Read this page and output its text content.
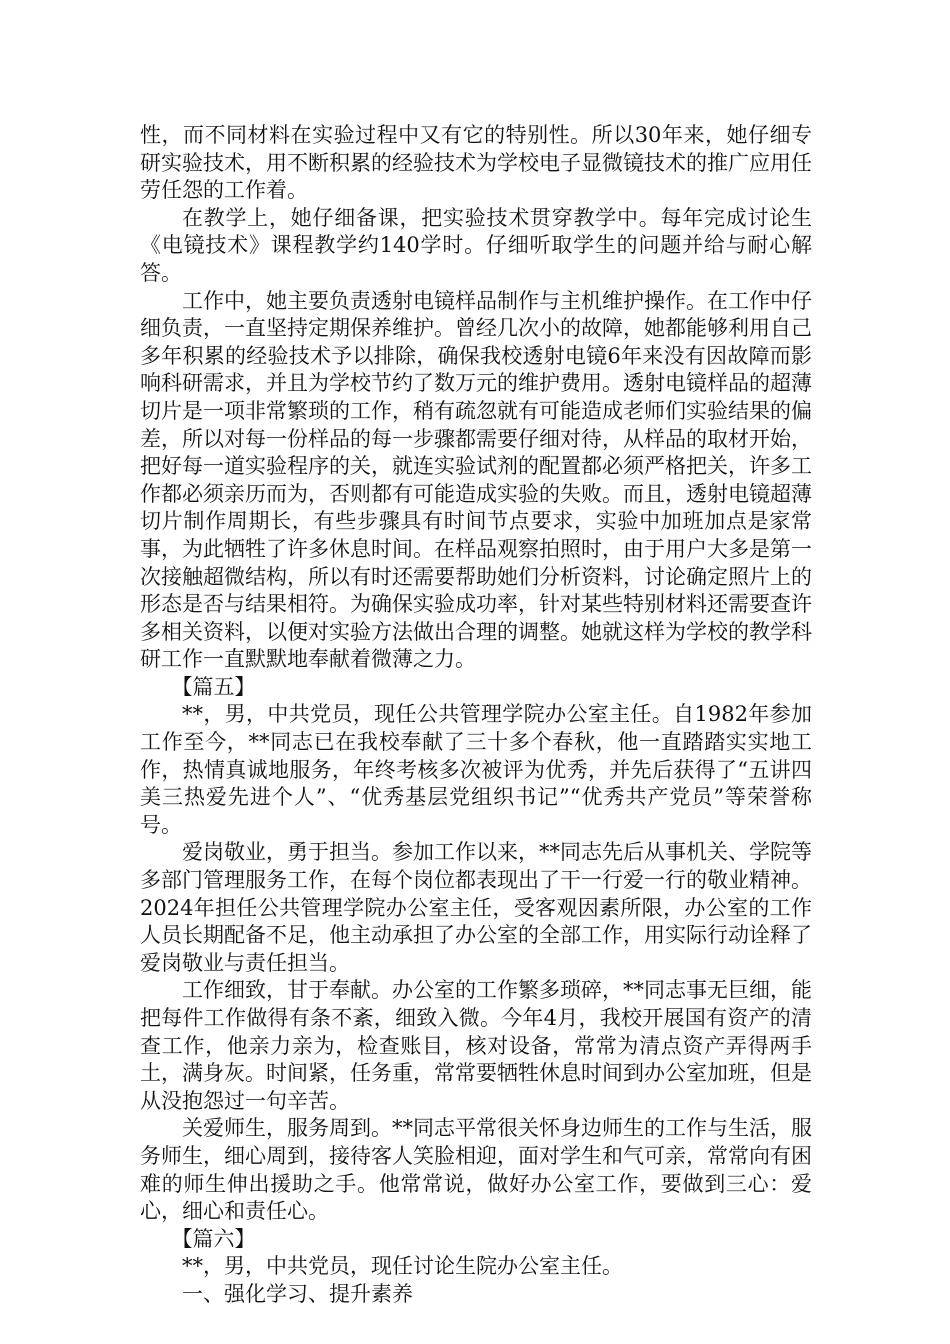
性，而不同材料在实验过程中又有它的特别性。所以30年来，她仔细专研实验技术，用不断积累的经验技术为学校电子显微镜技术的推广应用任劳任怨的工作着。

在教学上，她仔细备课，把实验技术贯穿教学中。每年完成讨论生《电镜技术》课程教学约140学时。仔细听取学生的问题并给与耐心解答。

工作中，她主要负责透射电镜样品制作与主机维护操作。在工作中仔细负责，一直坚持定期保养维护。曾经几次小的故障，她都能够利用自己多年积累的经验技术予以排除，确保我校透射电镜6年来没有因故障而影响科研需求，并且为学校节约了数万元的维护费用。透射电镜样品的超薄切片是一项非常繁琐的工作，稍有疏忽就有可能造成老师们实验结果的偏差，所以对每一份样品的每一步骤都需要仔细对待，从样品的取材开始，把好每一道实验程序的关，就连实验试剂的配置都必须严格把关，许多工作都必须亲历而为，否则都有可能造成实验的失败。而且，透射电镜超薄切片制作周期长，有些步骤具有时间节点要求，实验中加班加点是家常事，为此牺牲了许多休息时间。在样品观察拍照时，由于用户大多是第一次接触超微结构，所以有时还需要帮助她们分析资料，讨论确定照片上的形态是否与结果相符。为确保实验成功率，针对某些特别材料还需要查许多相关资料，以便对实验方法做出合理的调整。她就这样为学校的教学科研工作一直默默地奉献着微薄之力。

【篇五】

**，男，中共党员，现任公共管理学院办公室主任。自1982年参加工作至今，**同志已在我校奉献了三十多个春秋，他一直踏踏实实地工作，热情真诚地服务，年终考核多次被评为优秀，并先后获得了“五讲四美三热爱先进个人”、“优秀基层党组织书记”“优秀共产党员”等荣誉称号。

爱岗敬业，勇于担当。参加工作以来，**同志先后从事机关、学院等多部门管理服务工作，在每个岗位都表现出了干一行爱一行的敬业精神。2024年担任公共管理学院办公室主任，受客观因素所限，办公室的工作人员长期配备不足，他主动承担了办公室的全部工作，用实际行动诠释了爱岗敬业与责任担当。

工作细致，甘于奉献。办公室的工作繁多琐碎，**同志事无巨细，能把每件工作做得有条不紊，细致入微。今年4月，我校开展国有资产的清查工作，他亲力亲为，检查账目，核对设备，常常为清点资产弄得两手土，满身灰。时间紧，任务重，常常要牺牲休息时间到办公室加班，但是从没抱怨过一句辛苦。

关爱师生，服务周到。**同志平常很关怀身边师生的工作与生活，服务师生，细心周到，接待客人笑脸相迎，面对学生和气可亲，常常向有困难的师生伸出援助之手。他常常说，做好办公室工作，要做到三心：爱心，细心和责任心。

【篇六】

**，男，中共党员，现任讨论生院办公室主任。

一、强化学习、提升素养
